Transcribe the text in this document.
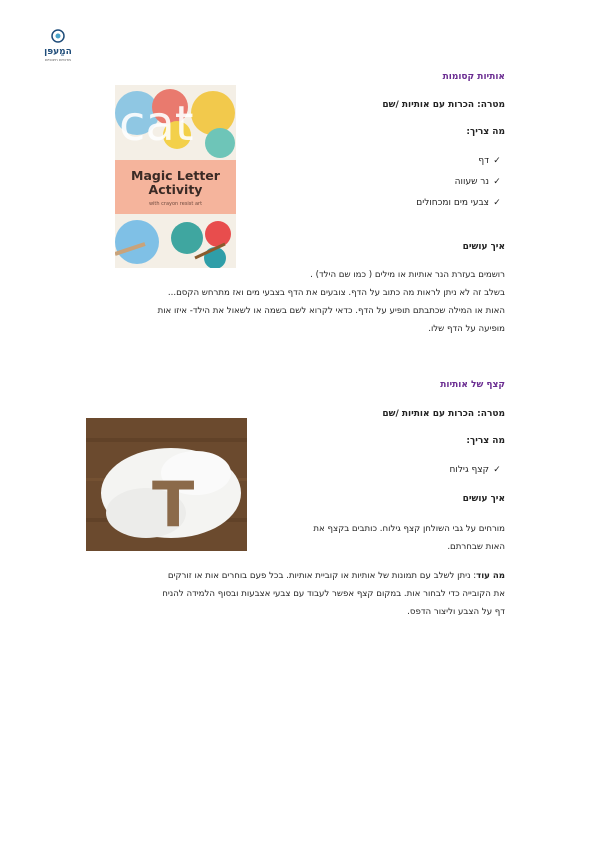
המַעפּן
מרכזים חינוכיים
אותיות קסומות
מטרה: הכרות עם אותיות /שם
מה צריך:
✓דף
✓נר שעווה
✓צבעי מים ומכחולים
איך עושים
רושמים בעזרת הנר אותיות או מילים ( כמו שם הילד) .
בשלב זה לא ניתן לראות מה כתוב על הדף. צובעים את הדף בצבעי מים ואז מתרחש הקסם...
האות או המילה שכתבתם תופיע על הדף. כדאי לקרוא לשם בשמה או לשאול את הילד- איזו אות
מופיעה על הדף שלו.
cat
Magic Letter Activity
with crayon resist art
קצף של אותיות
מטרה: הכרות עם אותיות /שם
מה צריך:
✓קצף גילוח
איך עושים
מורחים על גבי השולחן קצף גילוח. כותבים בקצף את
האות שבחרתם.
מה עוד: ניתן לשלב עם תמונות של אותיות או קוביית אותיות. בכל פעם בוחרים אות או זורקים
את הקובייה כדי לבחור אות. במקום קצף אפשר לעבוד עם צבעי אצבעות ובסוף הלמידה להניח
דף על הצבע וליצור הדפס.
T
